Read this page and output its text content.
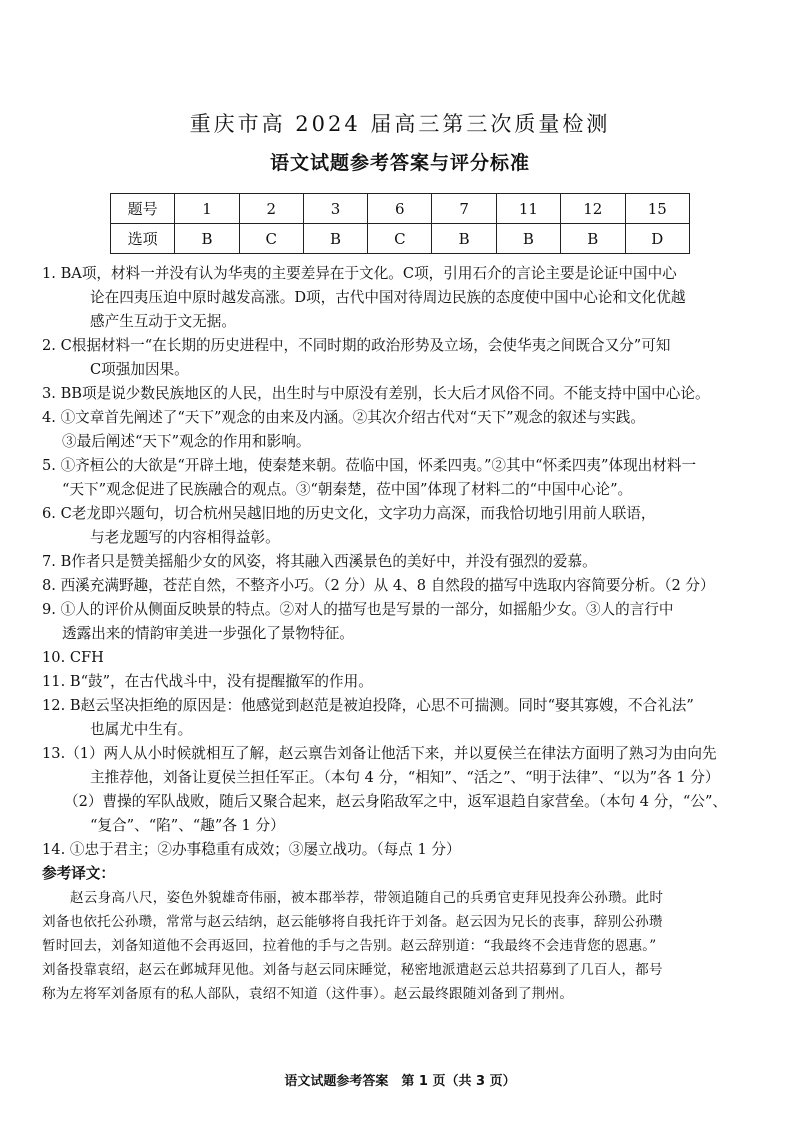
重庆市高 2024 届高三第三次质量检测
语文试题参考答案与评分标准
题号	1	2	3	6	7	11	12	15
选项	B	C	B	C	B	B	B	D

1. BA项，材料一并没有认为华夷的主要差异在于文化。C项，引用石介的言论主要是论证中国中心

论在四夷压迫中原时越发高涨。D项，古代中国对待周边民族的态度使中国中心论和文化优越

感产生互动于文无据。

2. C根据材料一“在长期的历史进程中，不同时期的政治形势及立场，会使华夷之间既合又分”可知

C项强加因果。

3. BB项是说少数民族地区的人民，出生时与中原没有差别，长大后才风俗不同。不能支持中国中心论。

4. ①文章首先阐述了“天下”观念的由来及内涵。②其次介绍古代对“天下”观念的叙述与实践。

③最后阐述“天下”观念的作用和影响。

5. ①齐桓公的大欲是“开辟土地，使秦楚来朝。莅临中国，怀柔四夷。”②其中“怀柔四夷”体现出材料一

“天下”观念促进了民族融合的观点。③“朝秦楚，莅中国”体现了材料二的“中国中心论”。

6. C老龙即兴题句，切合杭州吴越旧地的历史文化，文字功力高深，而我恰切地引用前人联语，

与老龙题写的内容相得益彰。

7. B作者只是赞美摇船少女的风姿，将其融入西溪景色的美好中，并没有强烈的爱慕。

8. 西溪充满野趣，苍茫自然，不整齐小巧。（2 分）从 4、8 自然段的描写中选取内容简要分析。（2 分）

9. ①人的评价从侧面反映景的特点。②对人的描写也是写景的一部分，如摇船少女。③人的言行中

透露出来的情韵审美进一步强化了景物特征。

10. CFH

11. B“鼓”，在古代战斗中，没有提醒撤军的作用。

12. B赵云坚决拒绝的原因是：他感觉到赵范是被迫投降，心思不可揣测。同时“娶其寡嫂，不合礼法”

也属尤中生有。

13.（1）两人从小时候就相互了解，赵云禀告刘备让他活下来，并以夏侯兰在律法方面明了熟习为由向先

主推荐他，刘备让夏侯兰担任军正。（本句 4 分，“相知”、“活之”、“明于法律”、“以为”各 1 分）

（2）曹操的军队战败，随后又聚合起来，赵云身陷敌军之中，返军退趋自家营垒。（本句 4 分，“公”、

“复合”、“陷”、“趣”各 1 分）

14. ①忠于君主；②办事稳重有成效；③屡立战功。（每点 1 分）

参考译文：

赵云身高八尺，姿色外貌雄奇伟丽，被本郡举荐，带领追随自己的兵勇官吏拜见投奔公孙瓒。此时

刘备也依托公孙瓒，常常与赵云结纳，赵云能够将自我托许于刘备。赵云因为兄长的丧事，辞别公孙瓒

暂时回去，刘备知道他不会再返回，拉着他的手与之告别。赵云辞别道：“我最终不会违背您的恩惠。”

刘备投靠袁绍，赵云在邺城拜见他。刘备与赵云同床睡觉，秘密地派遣赵云总共招募到了几百人，都号

称为左将军刘备原有的私人部队，袁绍不知道（这件事）。赵云最终跟随刘备到了荆州。

语文试题参考答案　第 1 页（共 3 页）
